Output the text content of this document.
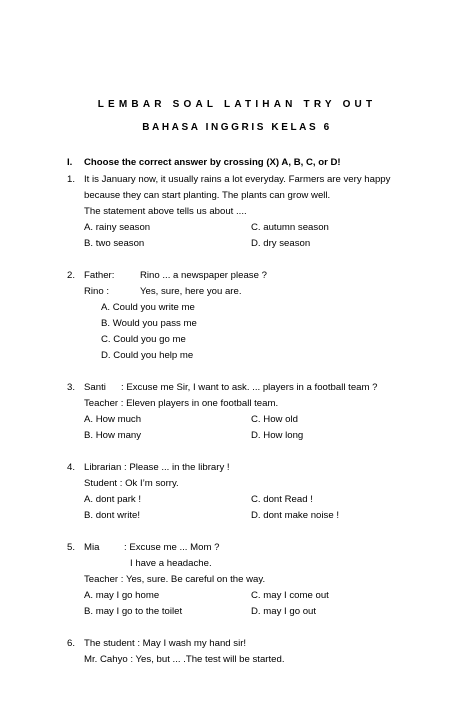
LEMBAR SOAL LATIHAN TRY OUT
BAHASA INGGRIS KELAS 6
I. Choose the correct answer by crossing (X) A, B, C, or D!
1. It is January now, it usually rains a lot everyday. Farmers are very happy
because they can start planting. The plants can grow well.
The statement above tells us about ....
A. rainy season	C. autumn season
B. two season	D. dry season
2. Father:	Rino ... a newspaper please ?
Rino :	Yes, sure, here you are.
A. Could you write me
B. Would you pass me
C. Could you go me
D. Could you help me
3. Santi : Excuse me Sir, I want to ask. ... players in a football team ?
Teacher : Eleven players in one football team.
A. How much	C. How old
B. How many	D. How long
4. Librarian : Please ... in the library !
Student : Ok I’m sorry.
A. dont park !	C. dont Read !
B. dont write!	D. dont make noise !
5. Mia	: Excuse me ... Mom ?
I have a headache.
Teacher : Yes, sure. Be careful on the way.
A. may I go home	C. may I come out
B. may I go to the toilet	D. may I go out
6. The student : May I wash my hand sir!
Mr. Cahyo : Yes, but ... .The test will be started.
